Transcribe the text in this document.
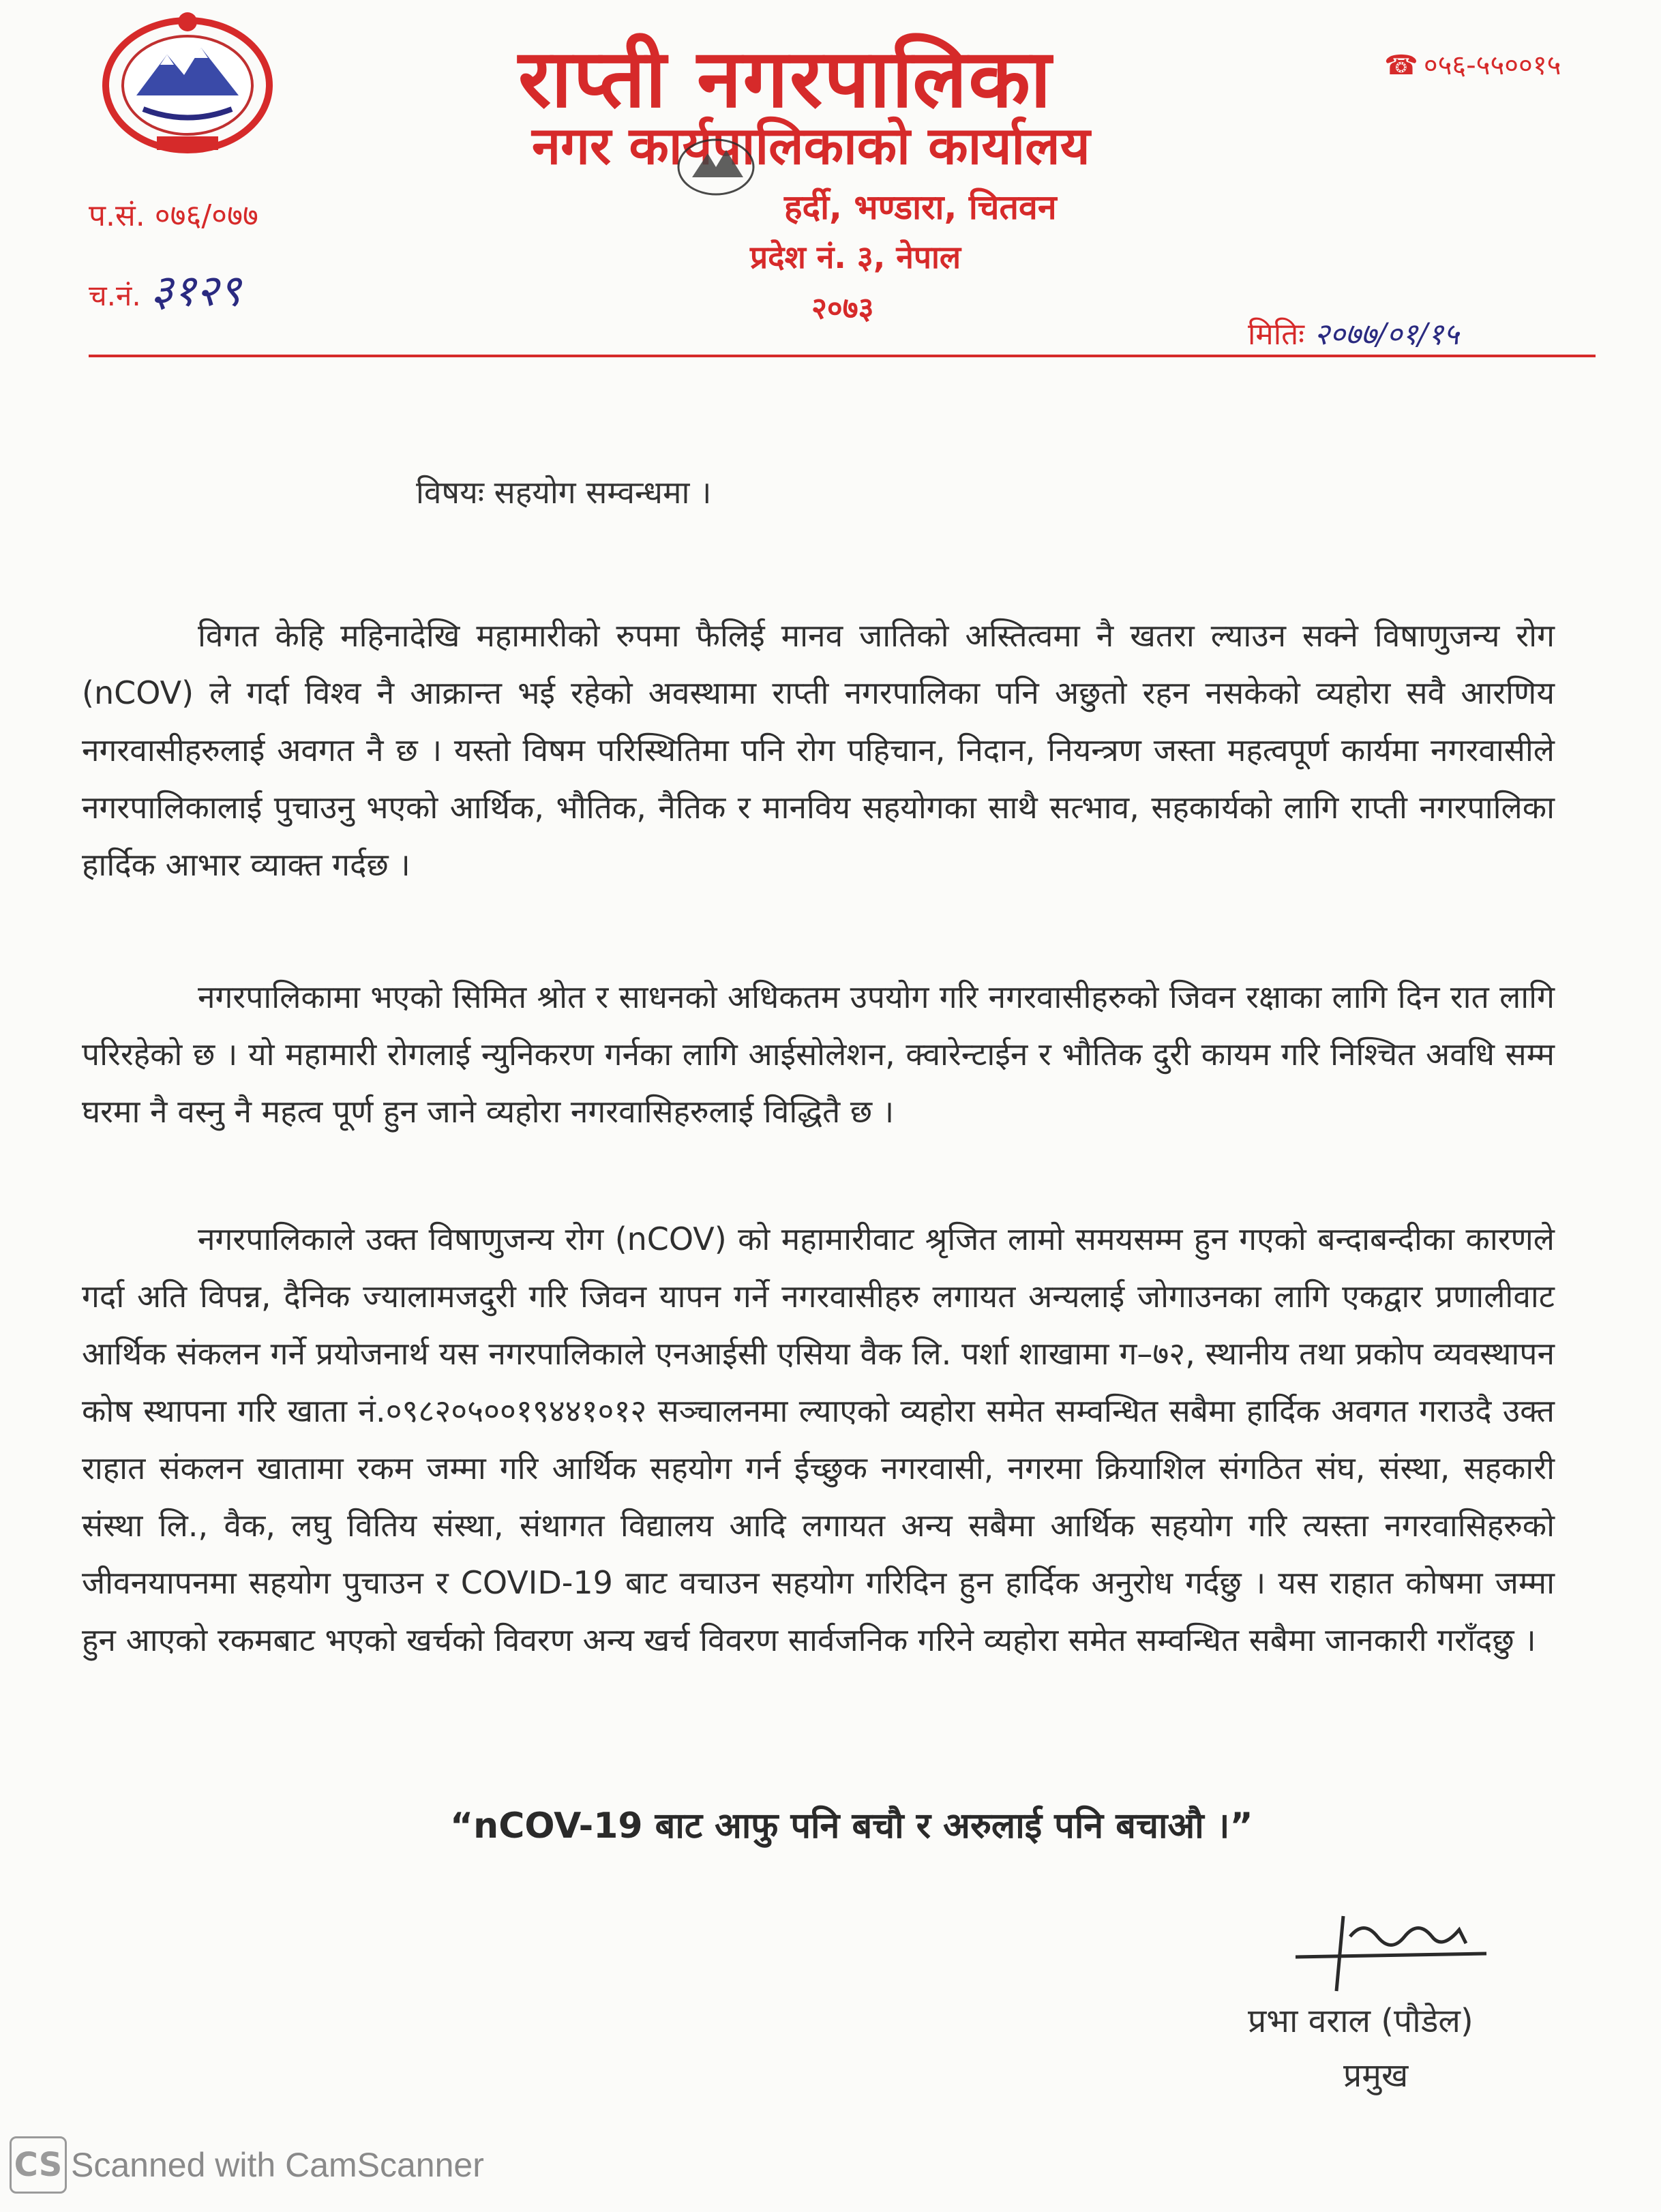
राप्ती नगरपालिका
नगर कार्यपालिकाको कार्यालय
हर्दी, भण्डारा, चितवन
प्रदेश नं. ३, नेपाल
२०७३
☎ ०५६-५५००१५
प.सं. ०७६/०७७
च.नं. ३१२९
मितिः २०७७/०१/१५
विषयः सहयोग सम्वन्धमा ।
विगत केहि महिनादेखि महामारीको रुपमा फैलिई मानव जातिको अस्तित्वमा नै खतरा ल्याउन सक्ने विषाणुजन्य रोग (nCOV) ले गर्दा विश्व नै आक्रान्त भई रहेको अवस्थामा राप्ती नगरपालिका पनि अछुतो रहन नसकेको व्यहोरा सवै आरणिय नगरवासीहरुलाई अवगत नै छ । यस्तो विषम परिस्थितिमा पनि रोग पहिचान, निदान, नियन्त्रण जस्ता महत्वपूर्ण कार्यमा नगरवासीले नगरपालिकालाई पुचाउनु भएको आर्थिक, भौतिक, नैतिक र मानविय सहयोगका साथै सत्भाव, सहकार्यको लागि राप्ती नगरपालिका हार्दिक आभार व्याक्त गर्दछ ।
नगरपालिकामा भएको सिमित श्रोत र साधनको अधिकतम उपयोग गरि नगरवासीहरुको जिवन रक्षाका लागि दिन रात लागि परिरहेको छ । यो महामारी रोगलाई न्युनिकरण गर्नका लागि आईसोलेशन, क्वारेन्टाईन र भौतिक दुरी कायम गरि निश्चित अवधि सम्म घरमा नै वस्नु नै महत्व पूर्ण हुन जाने व्यहोरा नगरवासिहरुलाई विद्धितै छ ।
नगरपालिकाले उक्त विषाणुजन्य रोग (nCOV) को महामारीवाट श्रृजित लामो समयसम्म हुन गएको बन्दाबन्दीका कारणले गर्दा अति विपन्न, दैनिक ज्यालामजदुरी गरि जिवन यापन गर्ने नगरवासीहरु लगायत अन्यलाई जोगाउनका लागि एकद्वार प्रणालीवाट आर्थिक संकलन गर्ने प्रयोजनार्थ यस नगरपालिकाले एनआईसी एसिया वैक लि. पर्शा शाखामा ग–७२, स्थानीय तथा प्रकोप व्यवस्थापन कोष स्थापना गरि खाता नं.०९८२०५००१९४४१०१२ सञ्चालनमा ल्याएको व्यहोरा समेत सम्वन्धित सबैमा हार्दिक अवगत गराउदै उक्त राहात संकलन खातामा रकम जम्मा गरि आर्थिक सहयोग गर्न ईच्छुक नगरवासी, नगरमा क्रियाशिल संगठित संघ, संस्था, सहकारी संस्था लि., वैक, लघु वितिय संस्था, संथागत विद्यालय आदि लगायत अन्य सबैमा आर्थिक सहयोग गरि त्यस्ता नगरवासिहरुको जीवनयापनमा सहयोग पुचाउन र COVID-19 बाट वचाउन सहयोग गरिदिन हुन हार्दिक अनुरोध गर्दछु । यस राहात कोषमा जम्मा हुन आएको रकमबाट भएको खर्चको विवरण अन्य खर्च विवरण सार्वजनिक गरिने व्यहोरा समेत सम्वन्धित सबैमा जानकारी गराँदछु ।
“nCOV-19 बाट आफु पनि बचौ र अरुलाई पनि बचाऔ ।”
प्रभा वराल (पौडेल)
प्रमुख
CS Scanned with CamScanner
